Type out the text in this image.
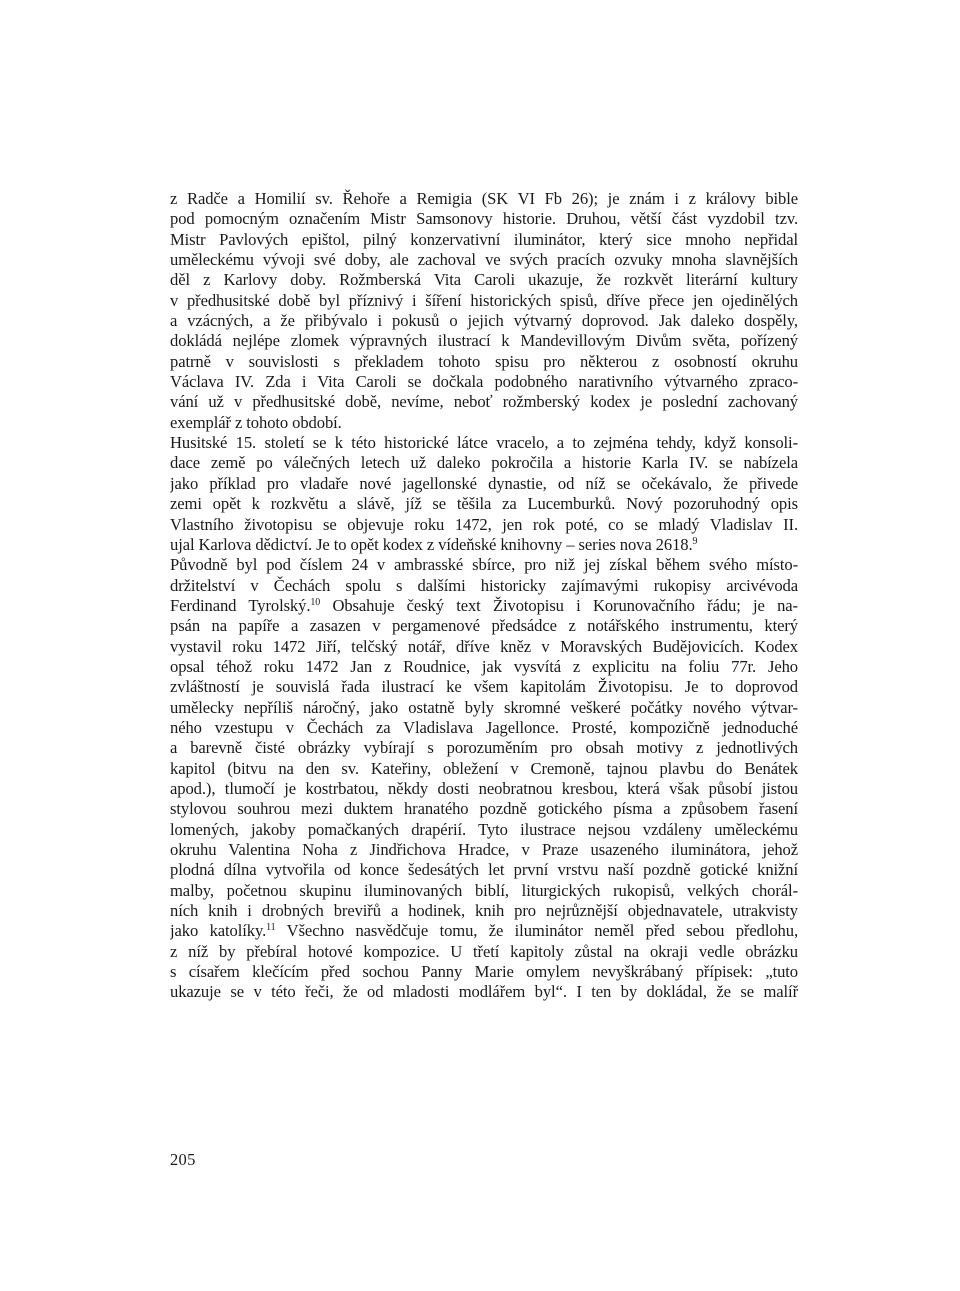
z Radče a Homilií sv. Řehoře a Remigia (SK VI Fb 26); je znám i z královy bible
pod pomocným označením Mistr Samsonovy historie. Druhou, větší část vyzdobil tzv.
Mistr Pavlových epištol, pilný konzervativní iluminátor, který sice mnoho nepřidal
uměleckému vývoji své doby, ale zachoval ve svých pracích ozvuky mnoha slavnějších
děl z Karlovy doby. Rožmberská Vita Caroli ukazuje, že rozkvět literární kultury
v předhusitské době byl příznivý i šíření historických spisů, dříve přece jen ojedinělých
a vzácných, a že přibývalo i pokusů o jejich výtvarný doprovod. Jak daleko dospěly,
dokládá nejlépe zlomek výpravných ilustrací k Mandevillovým Divům světa, pořízený
patrně v souvislosti s překladem tohoto spisu pro některou z osobností okruhu
Václava IV. Zda i Vita Caroli se dočkala podobného narativního výtvarného zpraco-
vání už v předhusitské době, nevíme, neboť rožmberský kodex je poslední zachovaný
exemplář z tohoto období.
Husitské 15. století se k této historické látce vracelo, a to zejména tehdy, když konsoli-
dace země po válečných letech už daleko pokročila a historie Karla IV. se nabízela
jako příklad pro vladaře nové jagellonské dynastie, od níž se očekávalo, že přivede
zemi opět k rozkvětu a slávě, jíž se těšila za Lucemburků. Nový pozoruhodný opis
Vlastního životopisu se objevuje roku 1472, jen rok poté, co se mladý Vladislav II.
ujal Karlova dědictví. Je to opět kodex z vídeňské knihovny – series nova 2618.$^9$
Původně byl pod číslem 24 v ambrasské sbírce, pro niž jej získal během svého místo-
držitelství v Čechách spolu s dalšími historicky zajímavými rukopisy arcivévoda
Ferdinand Tyrolský.$^{10}$ Obsahuje český text Životopisu i Korunovačního řádu; je na-
psán na papíře a zasazen v pergamenové předsádce z notářského instrumentu, který
vystavil roku 1472 Jiří, telčský notář, dříve kněz v Moravských Budějovicích. Kodex
opsal téhož roku 1472 Jan z Roudnice, jak vysvítá z explicitu na foliu 77r. Jeho
zvláštností je souvislá řada ilustrací ke všem kapitolám Životopisu. Je to doprovod
umělecky nepříliš náročný, jako ostatně byly skromné veškeré počátky nového výtvar-
ného vzestupu v Čechách za Vladislava Jagellonce. Prosté, kompozičně jednoduché
a barevně čisté obrázky vybírají s porozuměním pro obsah motivy z jednotlivých
kapitol (bitvu na den sv. Kateřiny, obležení v Cremoně, tajnou plavbu do Benátek
apod.), tlumočí je kostrbatou, někdy dosti neobratnou kresbou, která však působí jistou
stylovou souhrou mezi duktem hranatého pozdně gotického písma a způsobem řasení
lomených, jakoby pomačkaných drapérií. Tyto ilustrace nejsou vzdáleny uměleckému
okruhu Valentina Noha z Jindřichova Hradce, v Praze usazeného iluminátora, jehož
plodná dílna vytvořila od konce šedesátých let první vrstvu naší pozdně gotické knižní
malby, početnou skupinu iluminovaných biblí, liturgických rukopisů, velkých chorál-
ních knih i drobných breviřů a hodinek, knih pro nejrůznější objednavatele, utrakvisty
jako katolíky.$^{11}$ Všechno nasvědčuje tomu, že iluminátor neměl před sebou předlohu,
z níž by přebíral hotové kompozice. U třetí kapitoly zůstal na okraji vedle obrázku
s císařem klečícím před sochou Panny Marie omylem nevyškrábaný přípisek: „tuto
ukazuje se v této řeči, že od mladosti modlářem byl“. I ten by dokládal, že se malíř
205
